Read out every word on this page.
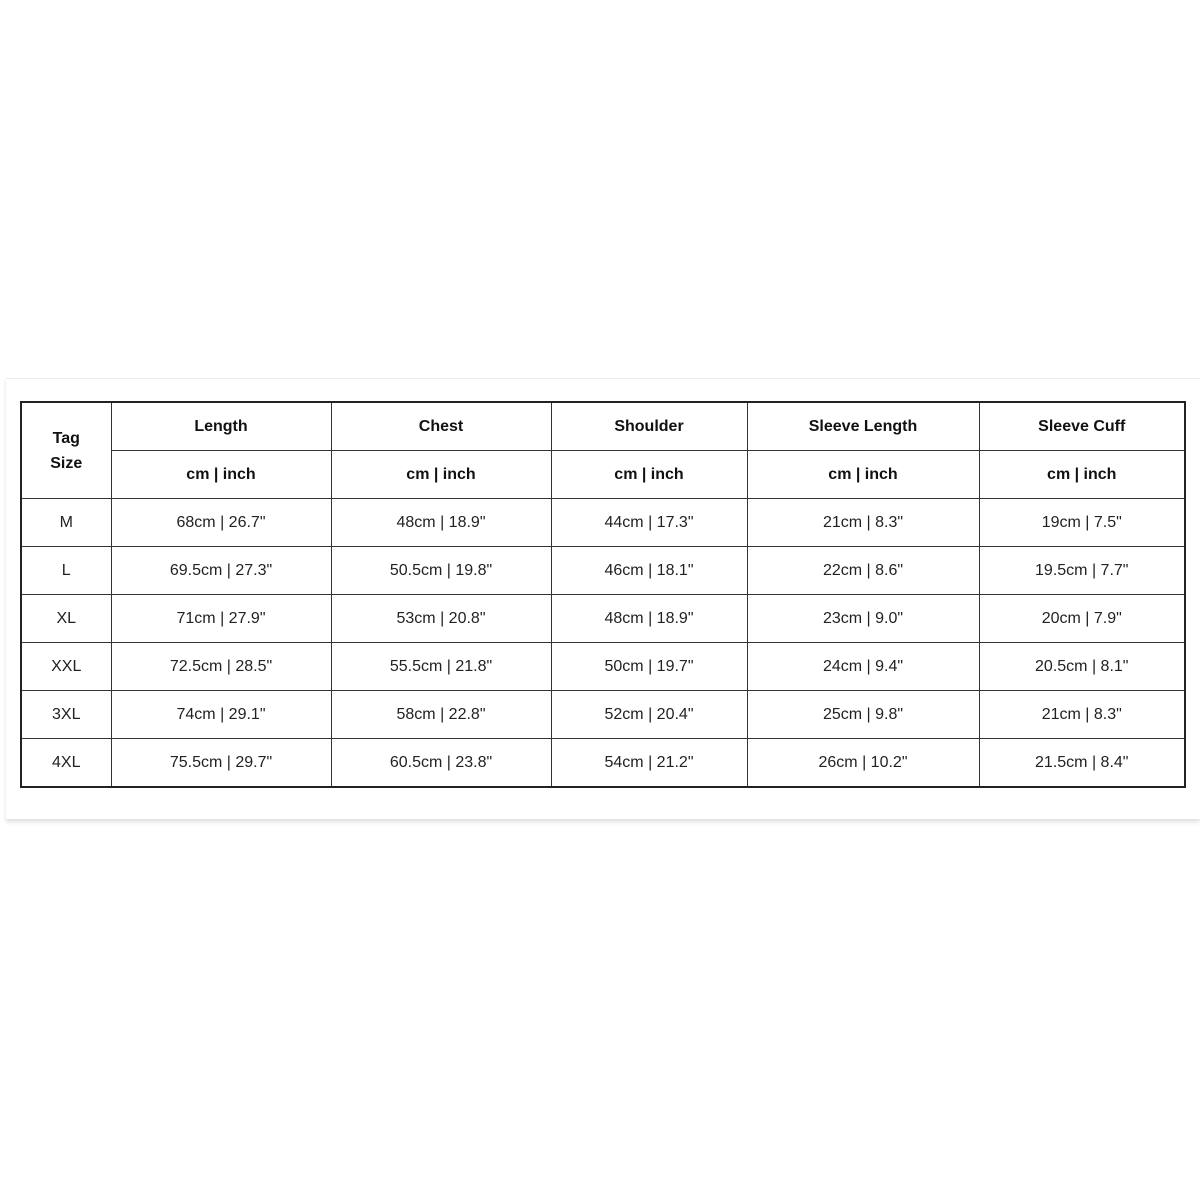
Tag
Size	Length	Chest	Shoulder	Sleeve Length	Sleeve Cuff
	cm | inch	cm | inch	cm | inch	cm | inch	cm | inch
M	68cm | 26.7"	48cm | 18.9"	44cm | 17.3"	21cm | 8.3"	19cm | 7.5"
L	69.5cm | 27.3"	50.5cm | 19.8"	46cm | 18.1"	22cm | 8.6"	19.5cm | 7.7"
XL	71cm | 27.9"	53cm | 20.8"	48cm | 18.9"	23cm | 9.0"	20cm | 7.9"
XXL	72.5cm | 28.5"	55.5cm | 21.8"	50cm | 19.7"	24cm | 9.4"	20.5cm | 8.1"
3XL	74cm | 29.1"	58cm | 22.8"	52cm | 20.4"	25cm | 9.8"	21cm | 8.3"
4XL	75.5cm | 29.7"	60.5cm | 23.8"	54cm | 21.2"	26cm | 10.2"	21.5cm | 8.4"
